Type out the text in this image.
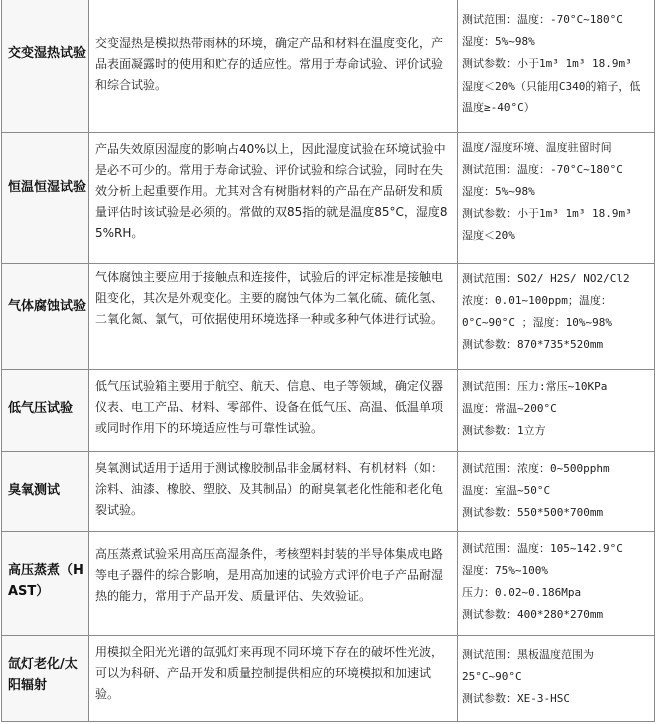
交变湿热试验	交变湿热是模拟热带雨林的环境，确定产品和材料在温度变化，产品表面凝露时的使用和贮存的适应性。常用于寿命试验、评价试验和综合试验。	测试范围：温度：-70°C~180°C
湿度：5%~98%
测试参数：小于1m³ 1m³ 18.9m³
湿度＜20%（只能用C340的箱子，低温度≥-40°C）

恒温恒湿试验	产品失效原因湿度的影响占40%以上，因此湿度试验在环境试验中是必不可少的。常用于寿命试验、评价试验和综合试验，同时在失效分析上起重要作用。尤其对含有树脂材料的产品在产品研发和质量评估时该试验是必须的。常做的双85指的就是温度85°C，湿度85%RH。	温度/湿度环境、温度驻留时间
测试范围：温度：-70°C~180°C
湿度：5%~98%
测试参数：小于1m³ 1m³ 18.9m³
湿度＜20%

气体腐蚀试验	气体腐蚀主要应用于接触点和连接件，试验后的评定标准是接触电阻变化，其次是外观变化。主要的腐蚀气体为二氧化硫、硫化氢、二氧化氮、氯气，可依据使用环境选择一种或多种气体进行试验。	测试范围：SO2/ H2S/ NO2/Cl2
浓度：0.01~100ppm；温度：
0°C~90°C ；湿度：10%~98%
测试参数：870*735*520mm

低气压试验	低气压试验箱主要用于航空、航天、信息、电子等领域，确定仪器仪表、电工产品、材料、零部件、设备在低气压、高温、低温单项或同时作用下的环境适应性与可靠性试验。	测试范围：压力:常压~10KPa
温度：常温~200°C
测试参数：1立方

臭氧测试	臭氧测试适用于适用于测试橡胶制品非金属材料、有机材料（如：涂料、油漆、橡胶、塑胶、及其制品）的耐臭氧老化性能和老化龟裂试验。	测试范围：浓度：0~500pphm
温度：室温~50°C
测试参数：550*500*700mm

高压蒸煮（HAST）	高压蒸煮试验采用高压高湿条件，考核塑料封装的半导体集成电路等电子器件的综合影响，是用高加速的试验方式评价电子产品耐湿热的能力，常用于产品开发、质量评估、失效验证。	测试范围：温度：105~142.9°C
湿度：75%~100%
压力：0.02~0.186Mpa
测试参数：400*280*270mm

氙灯老化/太阳辐射	用模拟全阳光光谱的氙弧灯来再现不同环境下存在的破坏性光波，可以为科研、产品开发和质量控制提供相应的环境模拟和加速试验。	测试范围：黑板温度范围为
25°C~90°C
测试参数：XE-3-HSC
